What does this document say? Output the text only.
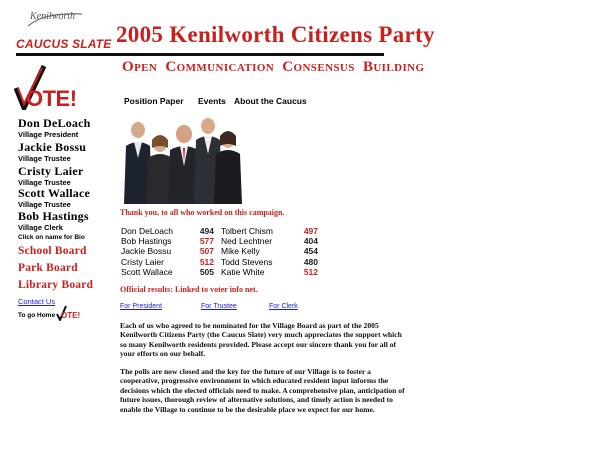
Kenilworth
CAUCUS SLATE 2005 Kenilworth Citizens Party
Open Communication Consensus Building
OTE!
Don DeLoach
Village President
Jackie Bossu
Village Trustee
Cristy Laier
Village Trustee
Scott Wallace
Village Trustee
Bob Hastings
Village Clerk
Click on name for Bio
School Board
Park Board
Library Board
Contact Us
To go Home OTE!
Position Paper Events About the Caucus
Thank you, to all who worked on this campaign.
Don DeLoach	494
Bob Hastings	577
Jackie Bossu	507
Cristy Laier	512
Scott Wallace	505
Tolbert Chism	497
Ned Lechtner	404
Mike Kelly	454
Todd Stevens	480
Katie White	512
Official results: Linked to voter info net.
For President	For Trustee	For Clerk
Each of us who agreed to be nominated for the Village Board as part of the 2005 Kenilworth Citizens Party (the Caucus Slate) very much appreciates the support which so many Kenilworth residents provided. Please accept our sincere thank you for all of your efforts on our behalf.
The polls are now closed and the key for the future of our Village is to foster a cooperative, progressive environment in which educated resident input informs the decisions which the elected officials need to make. A comprehensive plan, anticipation of future issues, thorough review of alternative solutions, and timely action is needed to enable the Village to continue to be the desirable place we expect for our home.
